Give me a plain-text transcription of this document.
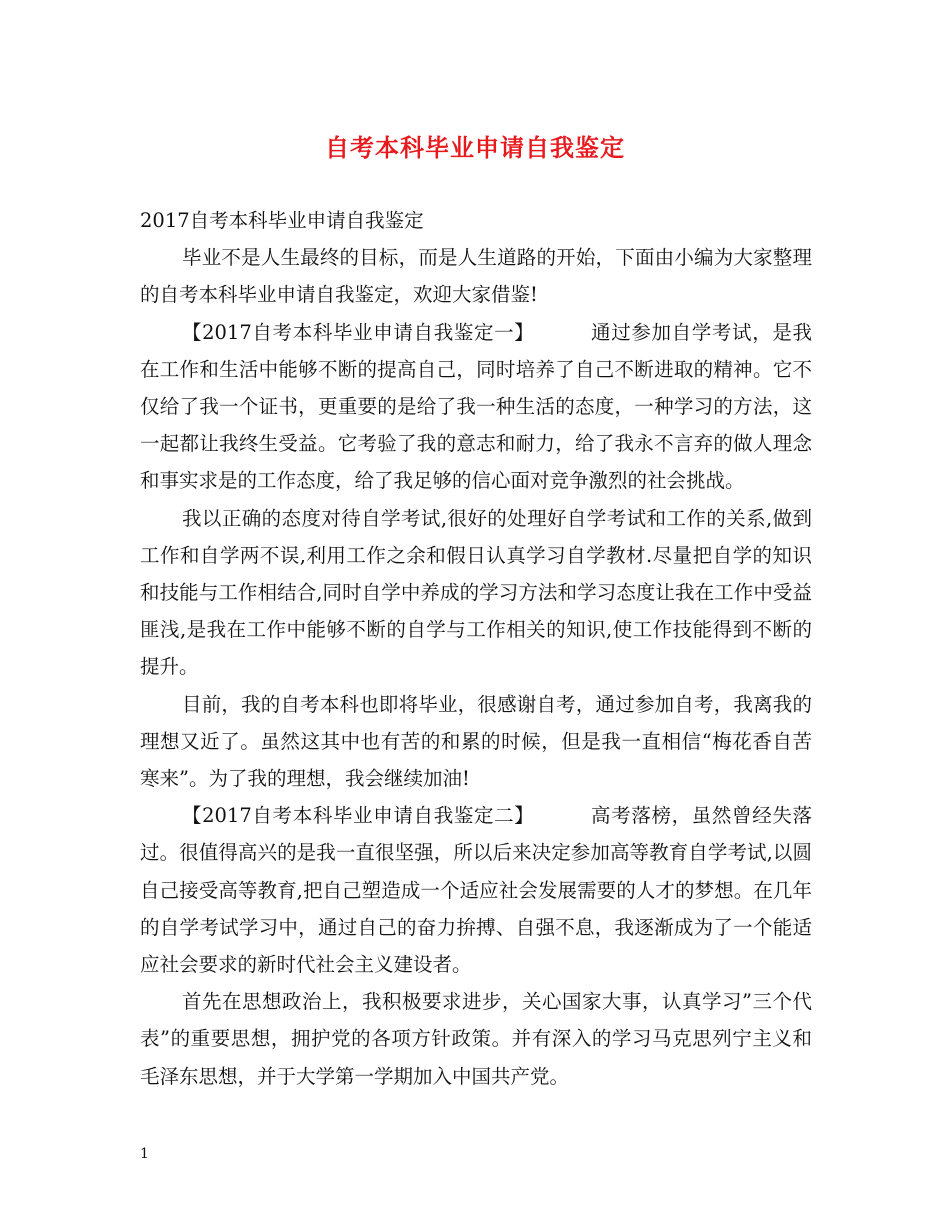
自考本科毕业申请自我鉴定

2017自考本科毕业申请自我鉴定

毕业不是人生最终的目标，而是人生道路的开始，下面由小编为大家整理的自考本科毕业申请自我鉴定，欢迎大家借鉴!

【2017自考本科毕业申请自我鉴定一】	通过参加自学考试，是我在工作和生活中能够不断的提高自己，同时培养了自己不断进取的精神。它不仅给了我一个证书，更重要的是给了我一种生活的态度，一种学习的方法，这一起都让我终生受益。它考验了我的意志和耐力，给了我永不言弃的做人理念和事实求是的工作态度，给了我足够的信心面对竞争激烈的社会挑战。

我以正确的态度对待自学考试,很好的处理好自学考试和工作的关系,做到工作和自学两不误,利用工作之余和假日认真学习自学教材.尽量把自学的知识和技能与工作相结合,同时自学中养成的学习方法和学习态度让我在工作中受益匪浅,是我在工作中能够不断的自学与工作相关的知识,使工作技能得到不断的提升。

目前，我的自考本科也即将毕业，很感谢自考，通过参加自考，我离我的理想又近了。虽然这其中也有苦的和累的时候，但是我一直相信“梅花香自苦寒来”。为了我的理想，我会继续加油!

【2017自考本科毕业申请自我鉴定二】	高考落榜，虽然曾经失落过。很值得高兴的是我一直很坚强，所以后来决定参加高等教育自学考试,以圆自己接受高等教育,把自己塑造成一个适应社会发展需要的人才的梦想。在几年的自学考试学习中，通过自己的奋力拚搏、自强不息，我逐渐成为了一个能适应社会要求的新时代社会主义建设者。

首先在思想政治上，我积极要求进步，关心国家大事，认真学习”三个代表”的重要思想，拥护党的各项方针政策。并有深入的学习马克思列宁主义和毛泽东思想，并于大学第一学期加入中国共产党。

1
